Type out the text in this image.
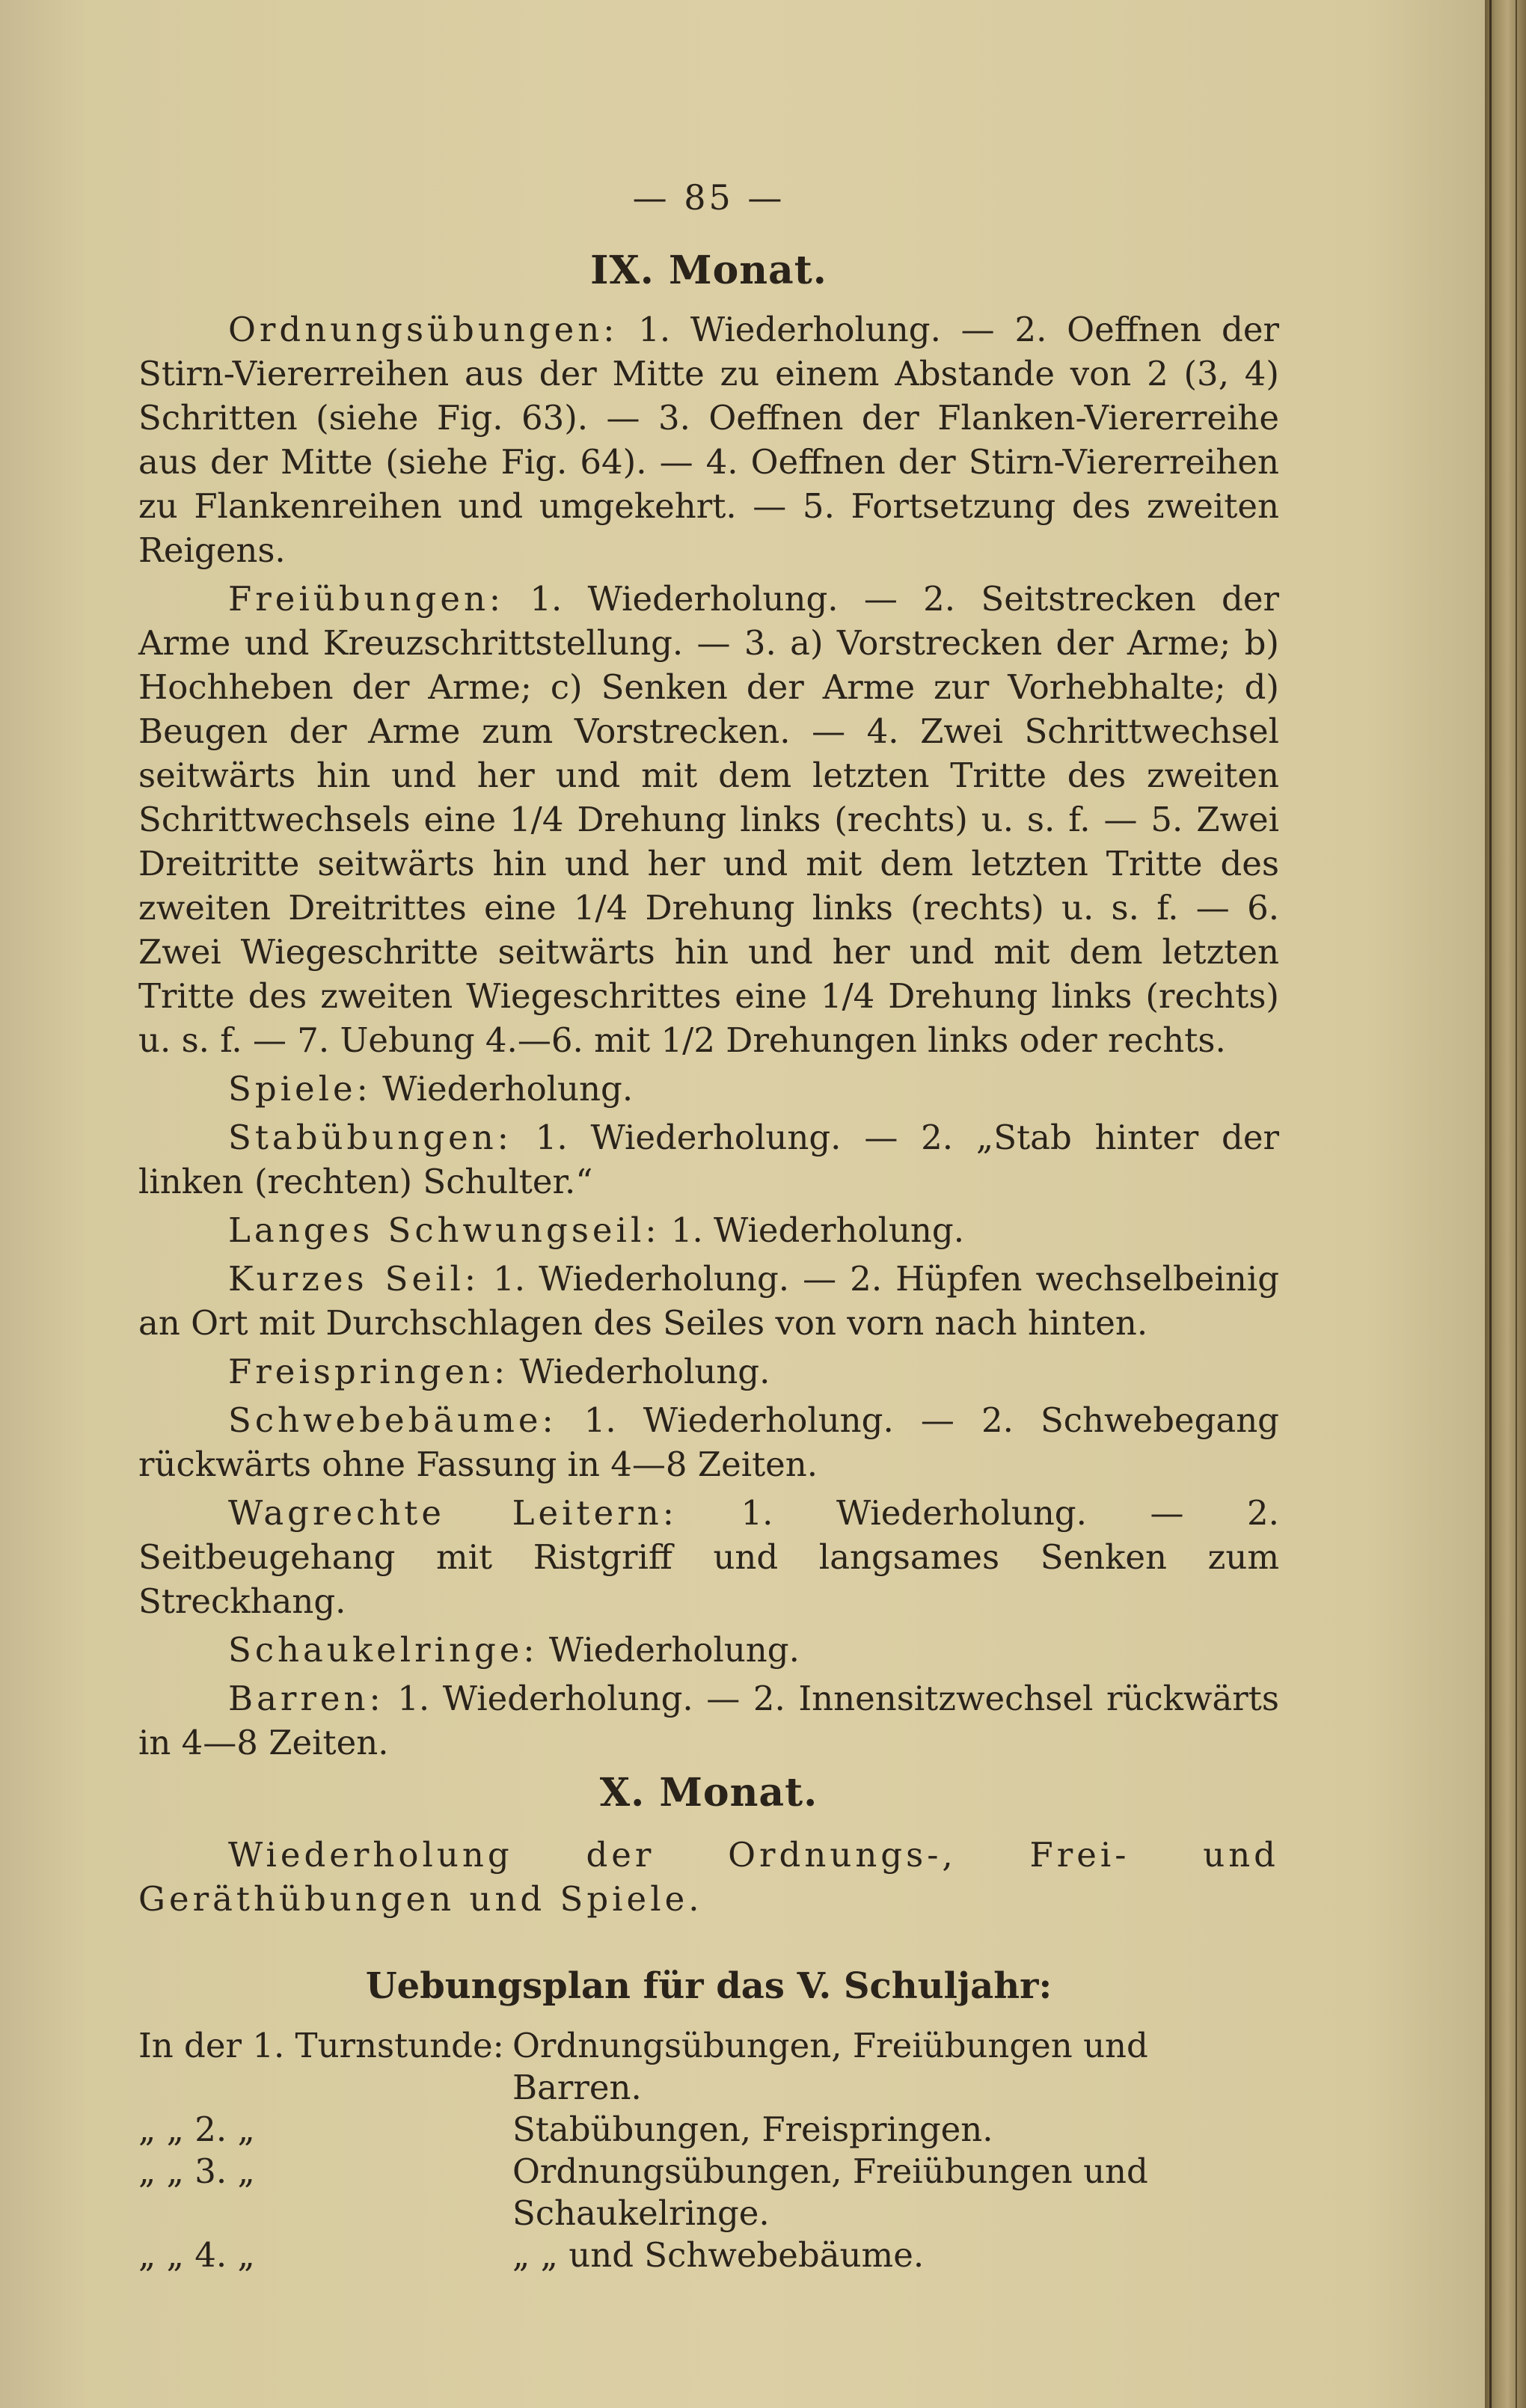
— 85 —
IX. Monat.

Ordnungsübungen: 1. Wiederholung. — 2. Oeffnen der Stirn-Viererreihen aus der Mitte zu einem Abstande von 2 (3, 4) Schritten (siehe Fig. 63). — 3. Oeffnen der Flanken-Viererreihe aus der Mitte (siehe Fig. 64). — 4. Oeffnen der Stirn-Viererreihen zu Flankenreihen und umgekehrt. — 5. Fortsetzung des zweiten Reigens.

Freiübungen: 1. Wiederholung. — 2. Seitstrecken der Arme und Kreuzschrittstellung. — 3. a) Vorstrecken der Arme; b) Hochheben der Arme; c) Senken der Arme zur Vorhebhalte; d) Beugen der Arme zum Vorstrecken. — 4. Zwei Schrittwechsel seitwärts hin und her und mit dem letzten Tritte des zweiten Schrittwechsels eine 1/4 Drehung links (rechts) u. s. f. — 5. Zwei Dreitritte seitwärts hin und her und mit dem letzten Tritte des zweiten Dreitrittes eine 1/4 Drehung links (rechts) u. s. f. — 6. Zwei Wiegeschritte seitwärts hin und her und mit dem letzten Tritte des zweiten Wiegeschrittes eine 1/4 Drehung links (rechts) u. s. f. — 7. Uebung 4.—6. mit 1/2 Drehungen links oder rechts.

Spiele: Wiederholung.

Stabübungen: 1. Wiederholung. — 2. „Stab hinter der linken (rechten) Schulter.“

Langes Schwungseil: 1. Wiederholung.

Kurzes Seil: 1. Wiederholung. — 2. Hüpfen wechselbeinig an Ort mit Durchschlagen des Seiles von vorn nach hinten.

Freispringen: Wiederholung.

Schwebebäume: 1. Wiederholung. — 2. Schwebegang rückwärts ohne Fassung in 4—8 Zeiten.

Wagrechte Leitern: 1. Wiederholung. — 2. Seitbeugehang mit Ristgriff und langsames Senken zum Streckhang.

Schaukelringe: Wiederholung.

Barren: 1. Wiederholung. — 2. Innensitzwechsel rückwärts in 4—8 Zeiten.

X. Monat.

Wiederholung der Ordnungs-, Frei- und Geräthübungen und Spiele.

Uebungsplan für das V. Schuljahr:
In der 1. Turnstunde:	Ordnungsübungen, Freiübungen und Barren.
„ „ 2. „	Stabübungen, Freispringen.
„ „ 3. „	Ordnungsübungen, Freiübungen und Schaukelringe.
„ „ 4. „	„ „ und Schwebebäume.
